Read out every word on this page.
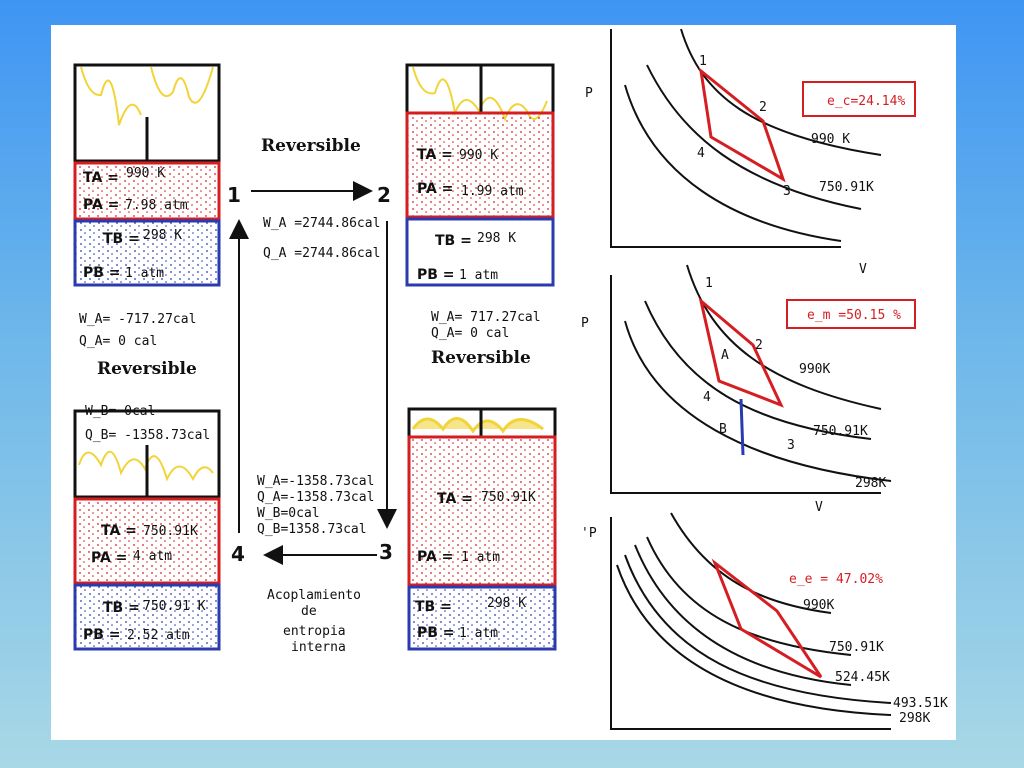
TA = 990 K
PA = 7.98 atm
TB = 298 K
PB = 1 atm
TA = 990 K
PA = 1.99 atm
TB = 298 K
PB = 1 atm
TA = 750.91K
PA = 1 atm
TB =	298 K
PB = 1 atm
TA = 750.91K
PA = 4 atm
TB = 750.91 K
PB = 2.52 atm
1	2
3
4
Reversible
Reversible
Reversible
W_A =2744.86cal
Q_A =2744.86cal
W_A= 717.27cal
Q_A= 0 cal
W_A=-1358.73cal
Q_A=-1358.73cal
W_B=0cal
Q_B=1358.73cal
W_A= -717.27cal
Q_A= 0 cal
W_B= 0cal
Q_B= -1358.73cal
Acoplamiento
de
entropia
interna
P
V
e_c=24.14%
990 K
750.91K
1
2
3
4
P
V
e_m =50.15 %
990K
750.91K
298K
1
2
3
4
A
B
'P
e_e = 47.02%
990K
750.91K
524.45K
493.51K
298K
